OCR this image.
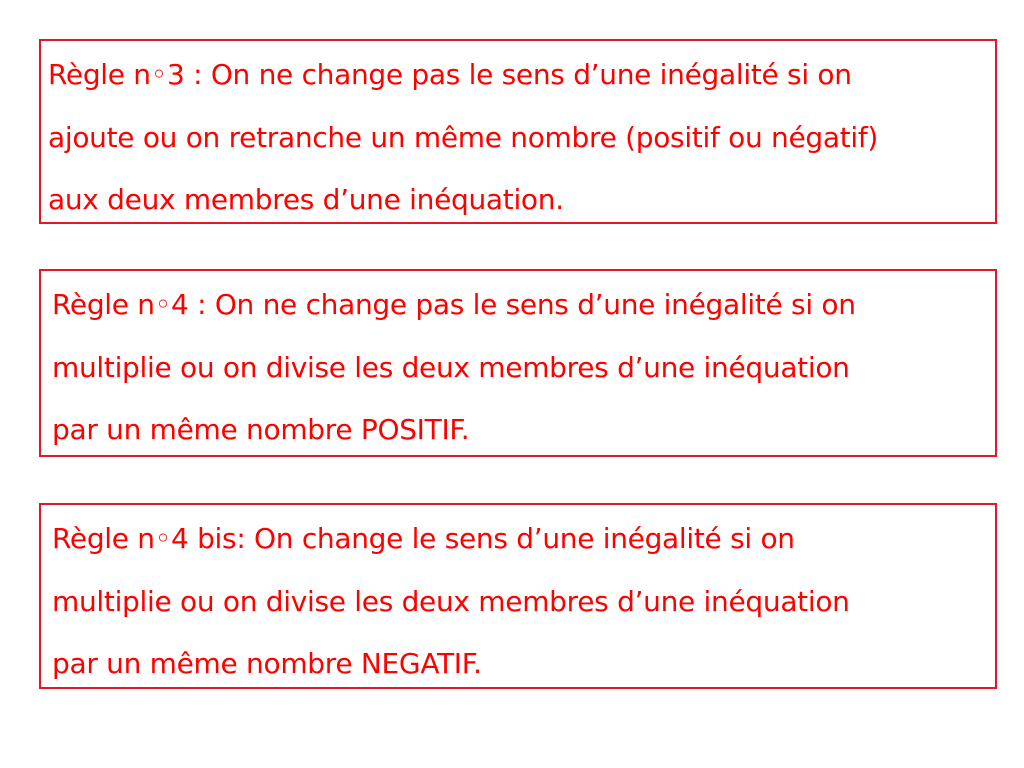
Règle n◦3 : On ne change pas le sens d’une inégalité si on
ajoute ou on retranche un même nombre (positif ou négatif)
aux deux membres d’une inéquation.
Règle n◦4 : On ne change pas le sens d’une inégalité si on
multiplie ou on divise les deux membres d’une inéquation
par un même nombre POSITIF.
Règle n◦4 bis: On change le sens d’une inégalité si on
multiplie ou on divise les deux membres d’une inéquation
par un même nombre NEGATIF.
